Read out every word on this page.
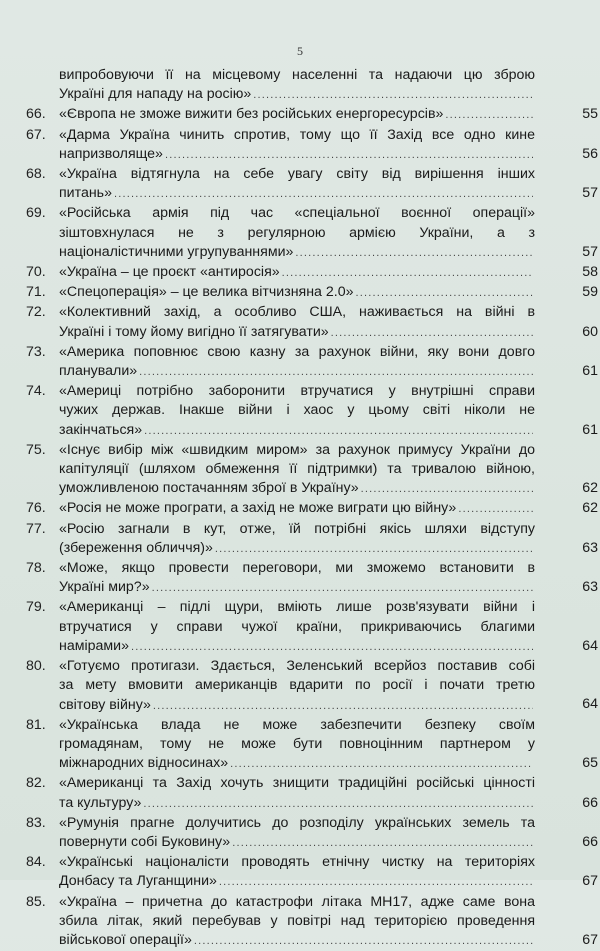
5
випробовуючи її на місцевому населенні та надаючи цю зброю
Україні для нападу на росію»
.....
66. «Європа не зможе вижити без російських енергоресурсів» .....	55
67. «Дарма Україна чинить спротив, тому що її Захід все одно кине
напризволяще» .....	56
68. «Україна відтягнула на себе увагу світу від вирішення інших
питань» .....	57
69. «Російська армія під час «спеціальної воєнної операції»
зіштовхнулася не з регулярною армією України, а з
націоналістичними угрупуваннями» .....	57
70. «Україна – це проєкт «антиросія» .....	58
71. «Спецоперація» – це велика вітчизняна 2.0» .....	59
72. «Колективний захід, а особливо США, наживається на війні в
Україні і тому йому вигідно її затягувати» .....	60
73. «Америка поповнює свою казну за рахунок війни, яку вони довго
планували» .....	61
74. «Америці потрібно заборонити втручатися у внутрішні справи
чужих держав. Інакше війни і хаос у цьому світі ніколи не
закінчаться» .....	61
75. «Існує вибір між «швидким миром» за рахунок примусу України до
капітуляції (шляхом обмеження її підтримки) та тривалою війною,
уможливленою постачанням зброї в Україну» .....	62
76. «Росія не може програти, а захід не може виграти цю війну» .....	62
77. «Росію загнали в кут, отже, їй потрібні якісь шляхи відступу
(збереження обличчя)» .....	63
78. «Може, якщо провести переговори, ми зможемо встановити в
Україні мир?» .....	63
79. «Американці – підлі щури, вміють лише розв'язувати війни і
втручатися у справи чужої країни, прикриваючись благими
намірами» .....	64
80. «Готуємо протигази. Здається, Зеленський всерйоз поставив собі
за мету вмовити американців вдарити по росії і почати третю
світову війну» .....	64
81. «Українська влада не може забезпечити безпеку своїм
громадянам, тому не може бути повноцінним партнером у
міжнародних відносинах» .....	65
82. «Американці та Захід хочуть знищити традиційні російські цінності
та культуру» .....	66
83. «Румунія прагне долучитись до розподілу українських земель та
повернути собі Буковину» .....	66
84. «Українські націоналісти проводять етнічну чистку на територіях
Донбасу та Луганщини» .....	67
85. «Україна – причетна до катастрофи літака МН17, адже саме вона
збила літак, який перебував у повітрі над територією проведення
військової операції» .....	67
